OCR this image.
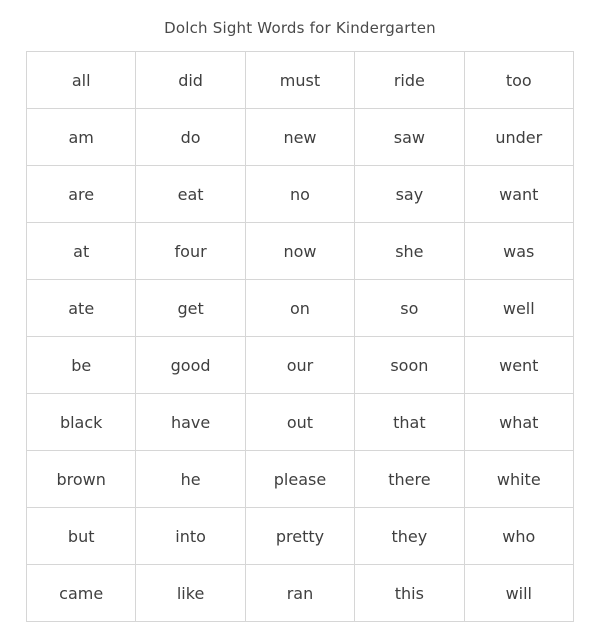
Dolch Sight Words for Kindergarten
all	did	must	ride	too
am	do	new	saw	under
are	eat	no	say	want
at	four	now	she	was
ate	get	on	so	well
be	good	our	soon	went
black	have	out	that	what
brown	he	please	there	white
but	into	pretty	they	who
came	like	ran	this	will
